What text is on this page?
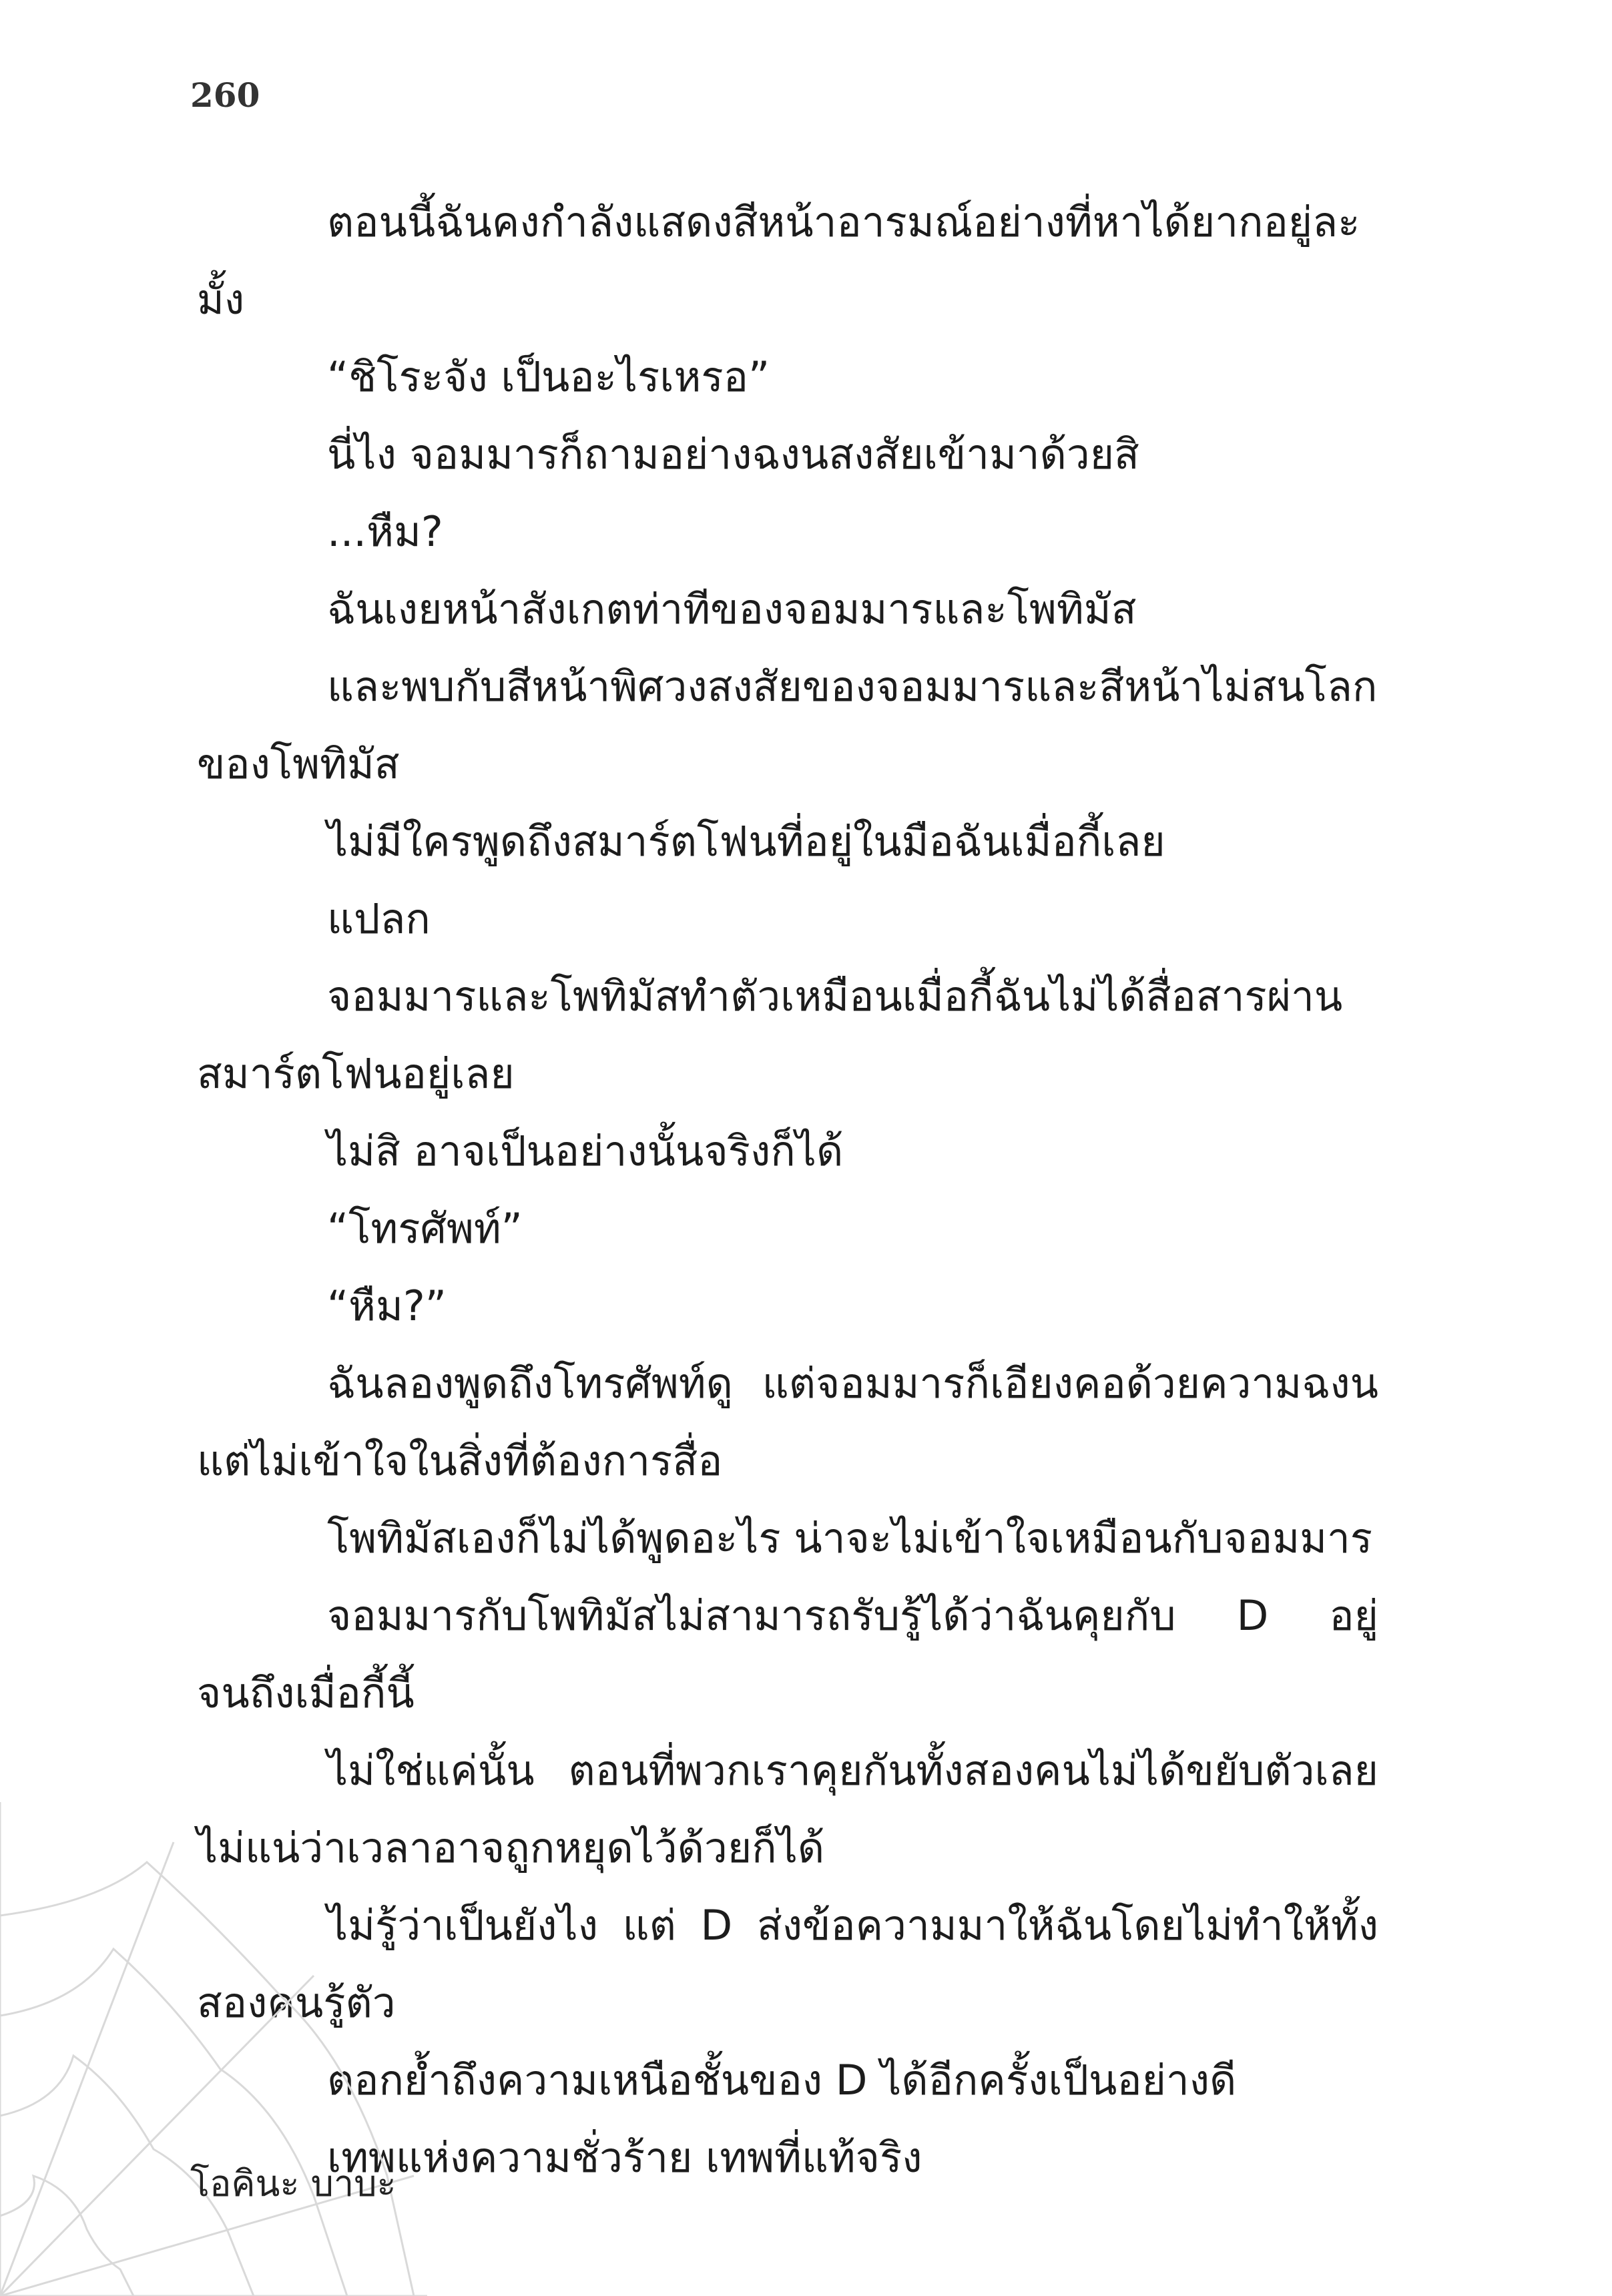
260

ตอนนี้ฉันคงกำลังแสดงสีหน้าอารมณ์อย่างที่หาได้ยากอยู่ละมั้ง

“ชิโระจัง เป็นอะไรเหรอ”

นี่ไง จอมมารก็ถามอย่างฉงนสงสัยเข้ามาด้วยสิ

...หืม?

ฉันเงยหน้าสังเกตท่าทีของจอมมารและโพทิมัส

และพบกับสีหน้าพิศวงสงสัยของจอมมารและสีหน้าไม่สนโลกของโพทิมัส

ไม่มีใครพูดถึงสมาร์ตโฟนที่อยู่ในมือฉันเมื่อกี้เลย

แปลก

จอมมารและโพทิมัสทำตัวเหมือนเมื่อกี้ฉันไม่ได้สื่อสารผ่านสมาร์ตโฟนอยู่เลย

ไม่สิ อาจเป็นอย่างนั้นจริงก็ได้

“โทรศัพท์”

“หืม?”

ฉันลองพูดถึงโทรศัพท์ดู แต่จอมมารก็เอียงคอด้วยความฉงนแต่ไม่เข้าใจในสิ่งที่ต้องการสื่อ

โพทิมัสเองก็ไม่ได้พูดอะไร น่าจะไม่เข้าใจเหมือนกับจอมมาร

จอมมารกับโพทิมัสไม่สามารถรับรู้ได้ว่าฉันคุยกับ D อยู่จนถึงเมื่อกี้นี้

ไม่ใช่แค่นั้น ตอนที่พวกเราคุยกันทั้งสองคนไม่ได้ขยับตัวเลยไม่แน่ว่าเวลาอาจถูกหยุดไว้ด้วยก็ได้

ไม่รู้ว่าเป็นยังไง แต่ D ส่งข้อความมาให้ฉันโดยไม่ทำให้ทั้งสองคนรู้ตัว

ตอกย้ำถึงความเหนือชั้นของ D ได้อีกครั้งเป็นอย่างดี

เทพแห่งความชั่วร้าย เทพที่แท้จริง

โอคินะ บาบะ
